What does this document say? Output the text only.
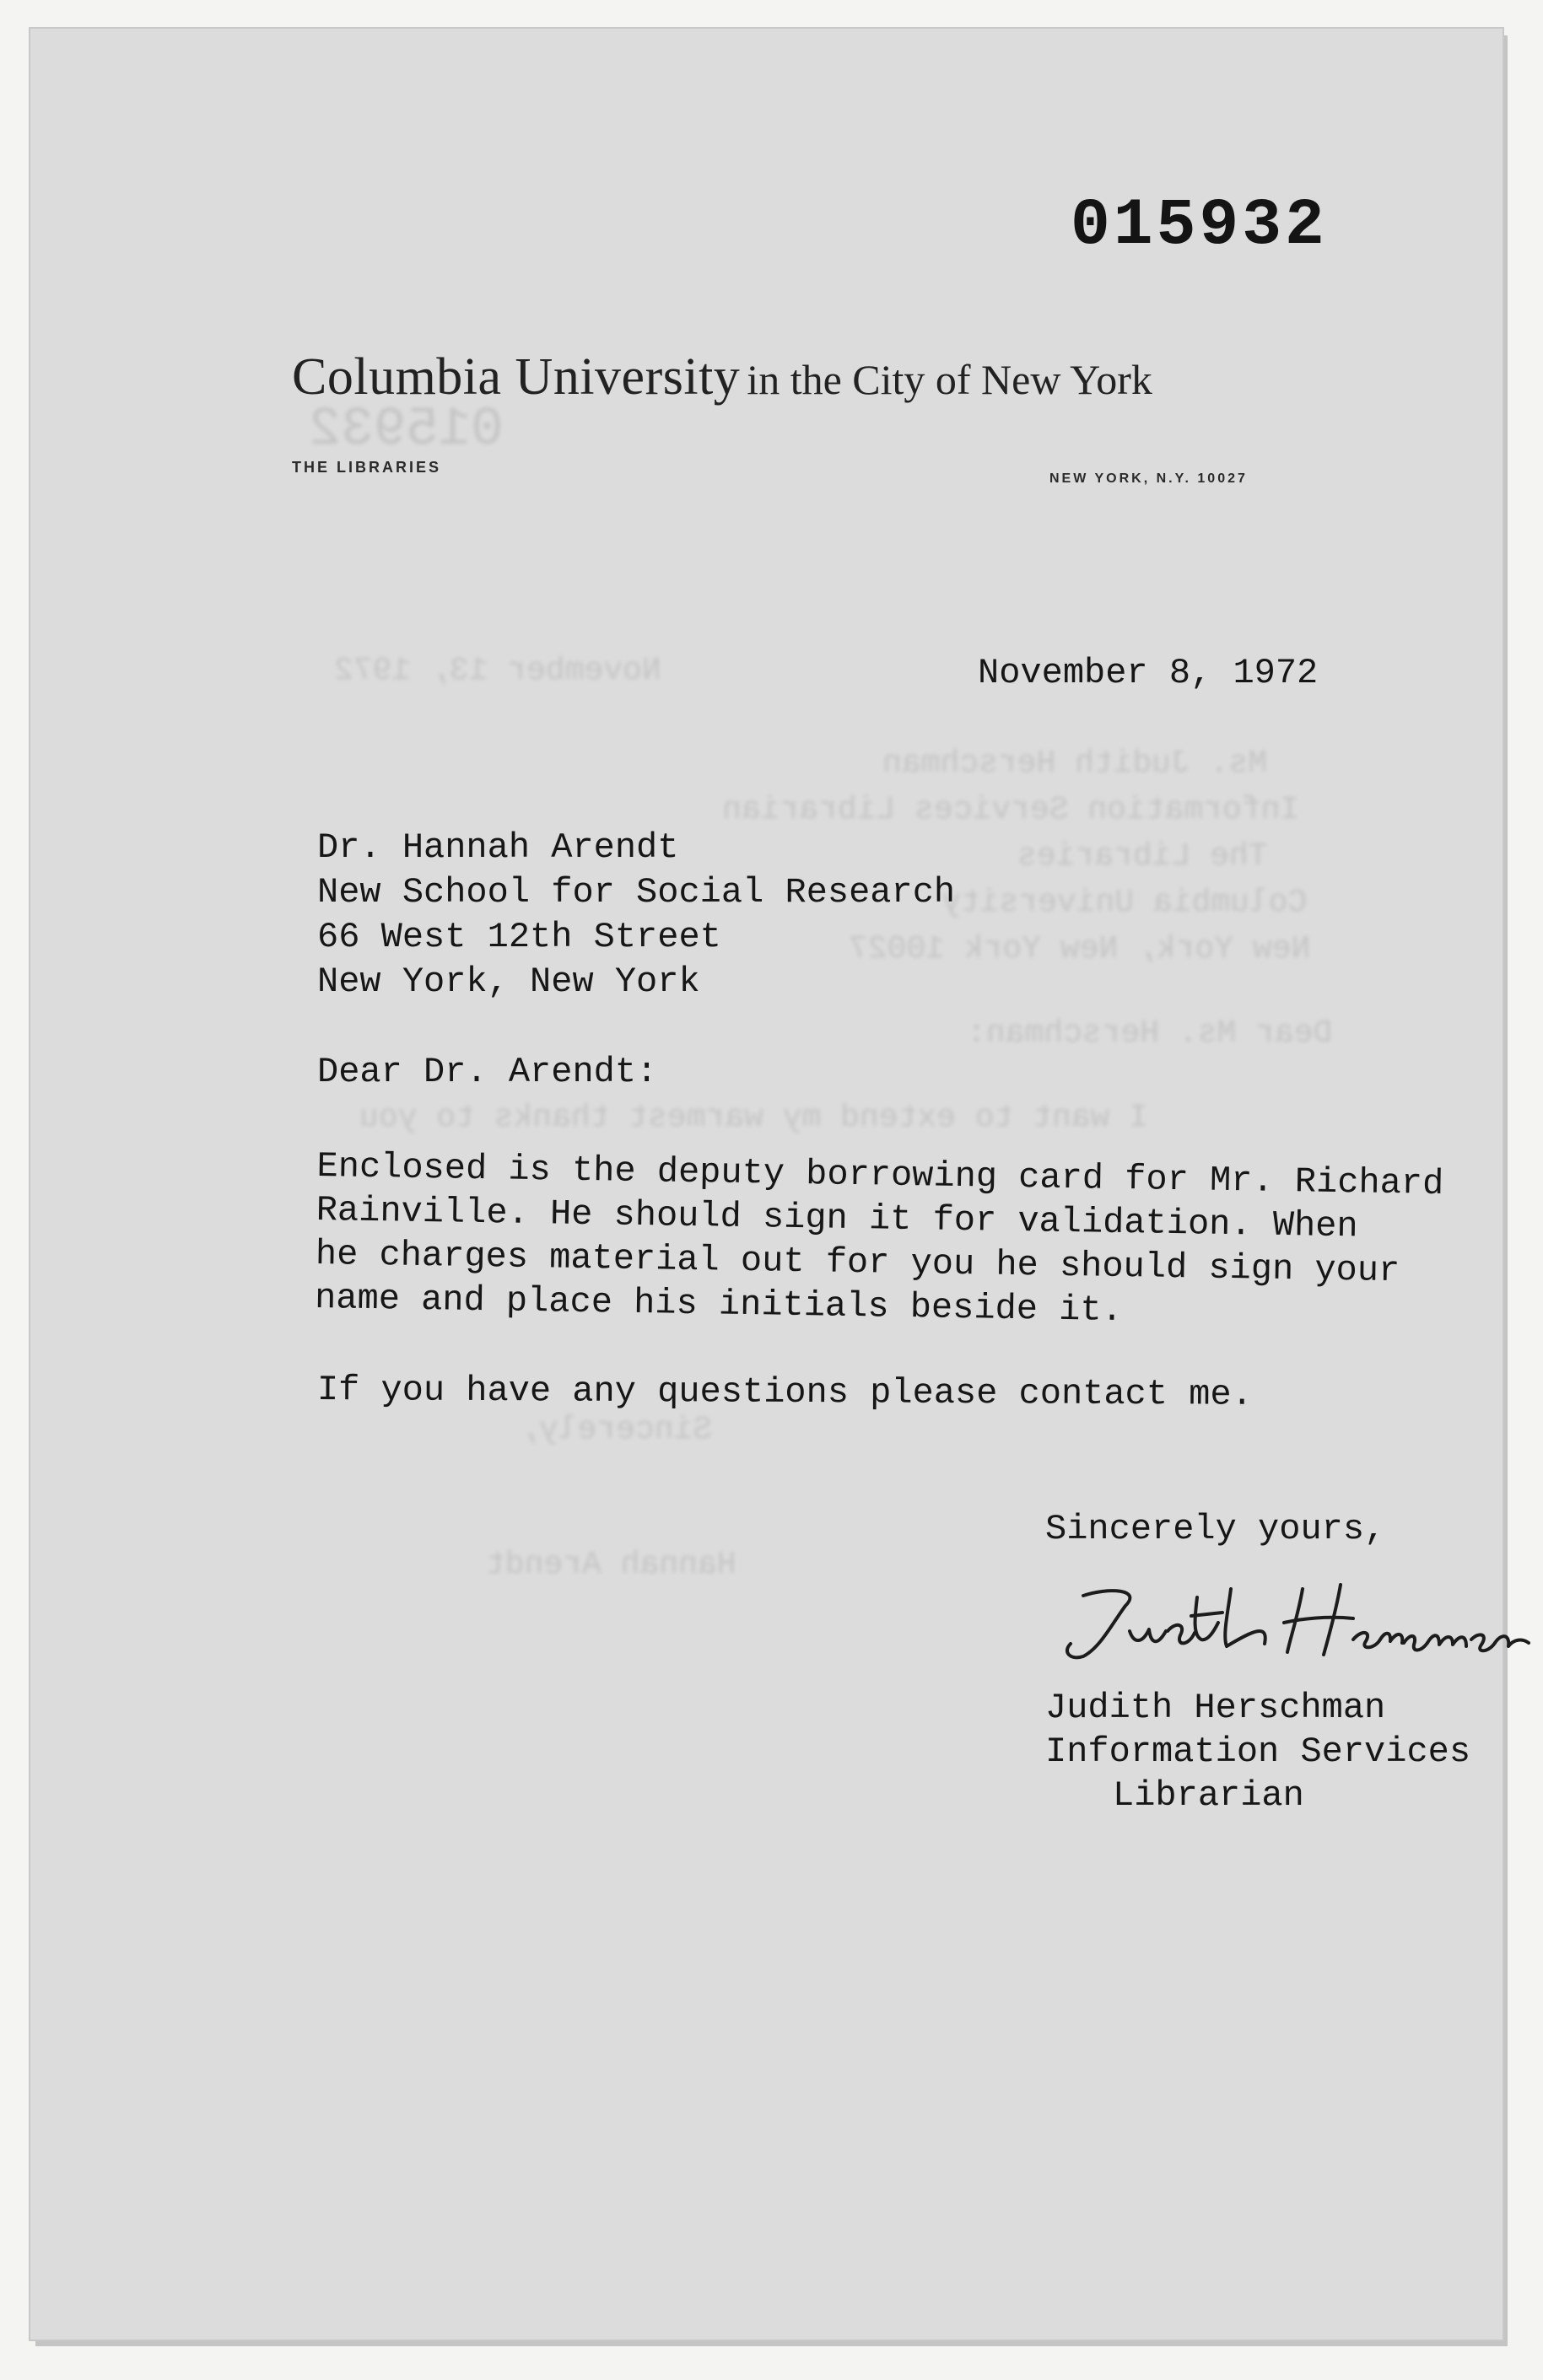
015932
November 13, 1972
Ms. Judith Herschman
Information Services Librarian
The Libraries
Columbia University
New York, New York 10027
Dear Ms. Herschman:
I want to extend my warmest thanks to you
Sincerely,
Hannah Arendt
015932
Columbia University in the City of New York
THE LIBRARIES
NEW YORK, N.Y. 10027
November 8, 1972
Dr. Hannah Arendt
New School for Social Research
66 West 12th Street
New York, New York
Dear Dr. Arendt:
Enclosed is the deputy borrowing card for Mr. Richard
Rainville. He should sign it for validation. When
he charges material out for you he should sign your
name and place his initials beside it.
If you have any questions please contact me.
Sincerely yours,
Judith Herschman
Information Services
Librarian
